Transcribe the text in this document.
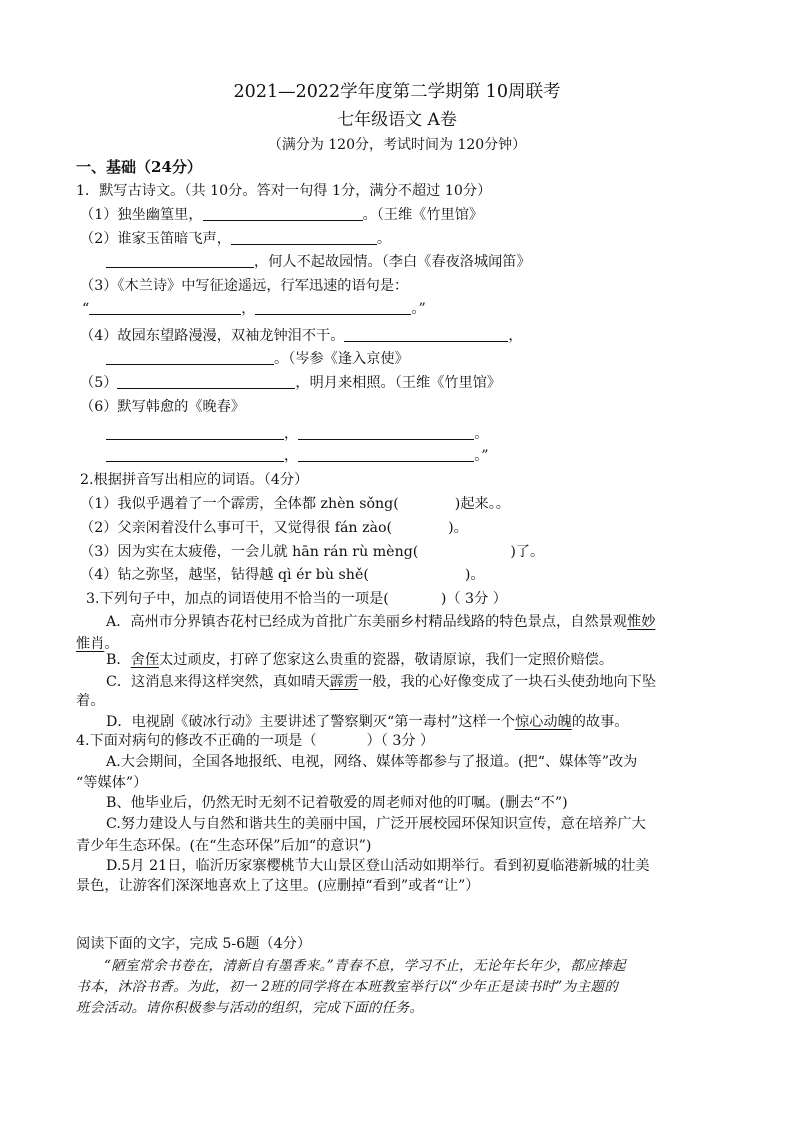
2021—2022学年度第二学期第 10周联考
七年级语文 A卷
（满分为 120分，考试时间为 120分钟）
一、基础（24分）
1．默写古诗文。（共 10分。答对一句得 1分，满分不超过 10分）
（1）独坐幽篁里，	。（王维《竹里馆》
（2）谁家玉笛暗飞声，	。
，何人不起故园情。（李白《春夜洛城闻笛》
（3）《木兰诗》中写征途遥远，行军迅速的语句是：
“	，	。”
（4）故园东望路漫漫，双袖龙钟泪不干。	，
。（岑参《逢入京使》
（5）	，明月来相照。（王维《竹里馆》
（6）默写韩愈的《晚春》
，	。
，	。”
2.根据拼音写出相应的词语。（4分）
（1）我似乎遇着了一个霹雳，全体都 zhèn sǒng(	)起来。。
（2）父亲闲着没什么事可干，又觉得很 fán zào(	)。
（3）因为实在太疲倦，一会儿就 hān rán rù mèng(	)了。
（4）钻之弥坚，越坚，钻得越 qì ér bù shě(	)。
3.下列句子中，加点的词语使用不恰当的一项是(	)（ 3分 ）
A．高州市分界镇杏花村已经成为首批广东美丽乡村精品线路的特色景点，自然景观惟妙
惟肖。
B．舍侄太过顽皮，打碎了您家这么贵重的瓷器，敬请原谅，我们一定照价赔偿。
C．这消息来得这样突然，真如晴天霹雳一般，我的心好像变成了一块石头使劲地向下坠
着。
D．电视剧《破冰行动》主要讲述了警察剿灭“第一毒村”这样一个惊心动魄的故事。
4.下面对病句的修改不正确的一项是（	）（ 3分 ）
A.大会期间，全国各地报纸、电视，网络、媒体等都参与了报道。(把“、媒体等”改为
“等媒体”）
B、他毕业后，仍然无时无刻不记着敬爱的周老师对他的叮嘱。(删去“不”)
C.努力建设人与自然和谐共生的美丽中国，广泛开展校园环保知识宣传，意在培养广大
青少年生态环保。(在“生态环保”后加“的意识”)
D.5月 21日，临沂历家寨樱桃节大山景区登山活动如期举行。看到初夏临港新城的壮美
景色，让游客们深深地喜欢上了这里。(应删掉“看到”或者“让”）
阅读下面的文字，完成 5-6题（4分）
“陋室常余书卷在，清新自有墨香来。”青春不息，学习不止，无论年长年少，都应捧起
书本，沐浴书香。为此，初一 2班的同学将在本班教室举行以“少年正是读书时”为主题的
班会活动。请你积极参与活动的组织，完成下面的任务。
